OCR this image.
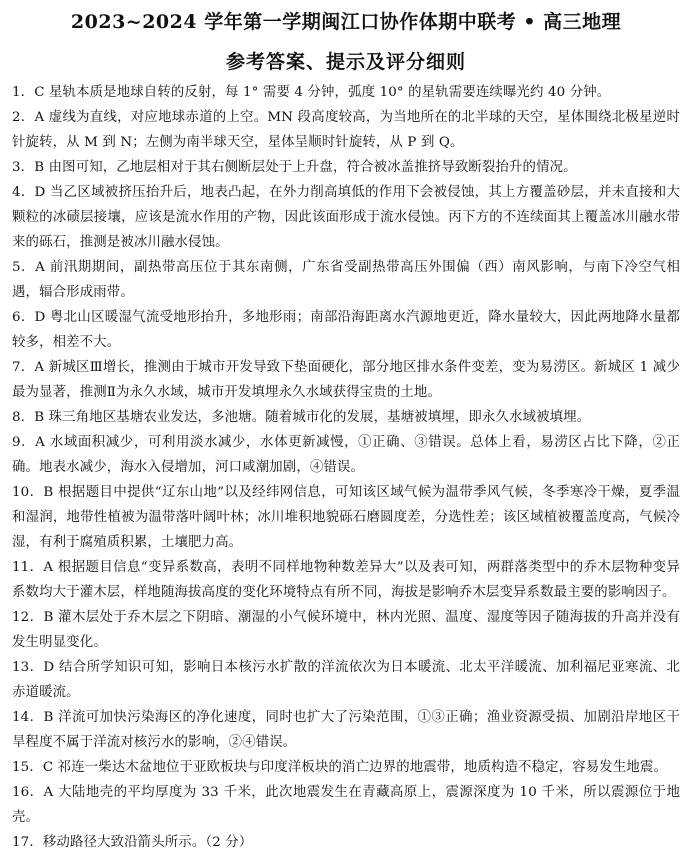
2023~2024 学年第一学期闽江口协作体期中联考 • 高三地理
参考答案、提示及评分细则

1．C 星轨本质是地球自转的反射，每 1° 需要 4 分钟，弧度 10° 的星轨需要连续曝光约 40 分钟。

2．A 虚线为直线，对应地球赤道的上空。MN 段高度较高，为当地所在的北半球的天空，星体围绕北极星逆时针旋转，从 M 到 N；左侧为南半球天空，星体呈顺时针旋转，从 P 到 Q。

3．B 由图可知，乙地层相对于其右侧断层处于上升盘，符合被冰盖推挤导致断裂抬升的情况。

4．D 当乙区域被挤压抬升后，地表凸起，在外力削高填低的作用下会被侵蚀，其上方覆盖砂层，并未直接和大颗粒的冰碛层接壤，应该是流水作用的产物，因此该面形成于流水侵蚀。丙下方的不连续面其上覆盖冰川融水带来的砾石，推测是被冰川融水侵蚀。

5．A 前汛期期间，副热带高压位于其东南侧，广东省受副热带高压外围偏（西）南风影响，与南下冷空气相遇，辐合形成雨带。

6．D 粤北山区暖湿气流受地形抬升，多地形雨；南部沿海距离水汽源地更近，降水量较大，因此两地降水量都较多，相差不大。

7．A 新城区Ⅲ增长，推测由于城市开发导致下垫面硬化，部分地区排水条件变差，变为易涝区。新城区 1 减少最为显著，推测Ⅱ为永久水域，城市开发填埋永久水域获得宝贵的土地。

8．B 珠三角地区基塘农业发达，多池塘。随着城市化的发展，基塘被填埋，即永久水域被填埋。

9．A 水域面积减少，可利用淡水减少，水体更新减慢，①正确、③错误。总体上看，易涝区占比下降，②正确。地表水减少，海水入侵增加，河口咸潮加剧，④错误。

10．B 根据题目中提供“辽东山地”以及经纬网信息，可知该区域气候为温带季风气候，冬季寒冷干燥，夏季温和湿润，地带性植被为温带落叶阔叶林；冰川堆积地貌砾石磨圆度差，分选性差；该区域植被覆盖度高，气候冷湿，有利于腐殖质积累，土壤肥力高。

11．A 根据题目信息“变异系数高，表明不同样地物种数差异大”以及表可知，两群落类型中的乔木层物种变异系数均大于灌木层，样地随海拔高度的变化环境特点有所不同，海拔是影响乔木层变异系数最主要的影响因子。

12．B 灌木层处于乔木层之下阴暗、潮湿的小气候环境中，林内光照、温度、湿度等因子随海拔的升高并没有发生明显变化。

13．D 结合所学知识可知，影响日本核污水扩散的洋流依次为日本暖流、北太平洋暖流、加利福尼亚寒流、北赤道暖流。

14．B 洋流可加快污染海区的净化速度，同时也扩大了污染范围，①③正确；渔业资源受损、加剧沿岸地区干旱程度不属于洋流对核污水的影响，②④错误。

15．C 祁连一柴达木盆地位于亚欧板块与印度洋板块的消亡边界的地震带，地质构造不稳定，容易发生地震。

16．A 大陆地壳的平均厚度为 33 千米，此次地震发生在青藏高原上，震源深度为 10 千米，所以震源位于地壳。

17．移动路径大致沿箭头所示。（2 分）
